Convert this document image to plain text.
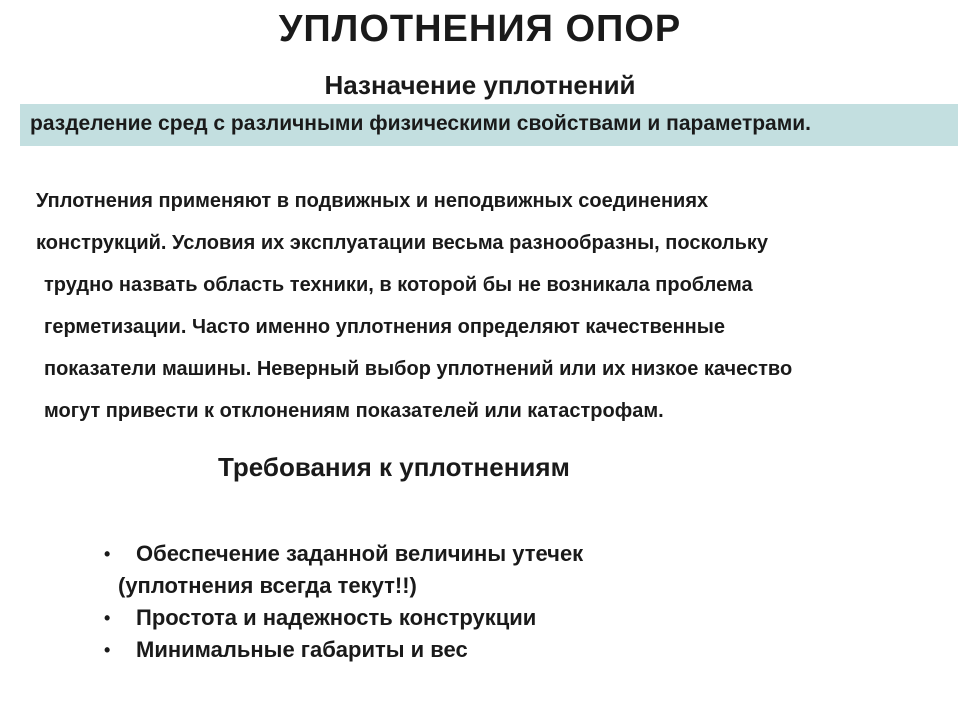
УПЛОТНЕНИЯ ОПОР
Назначение уплотнений
разделение сред с различными физическими свойствами и параметрами.
Уплотнения применяют в подвижных и неподвижных соединениях
конструкций. Условия их эксплуатации весьма разнообразны, поскольку
трудно назвать область техники, в которой бы не возникала проблема
герметизации. Часто именно уплотнения определяют качественные
показатели машины. Неверный выбор уплотнений или их низкое качество
могут привести к отклонениям показателей или катастрофам.
Требования к уплотнениям
• Обеспечение заданной величины утечек
(уплотнения всегда текут!!)
• Простота и надежность конструкции
• Минимальные габариты и вес
